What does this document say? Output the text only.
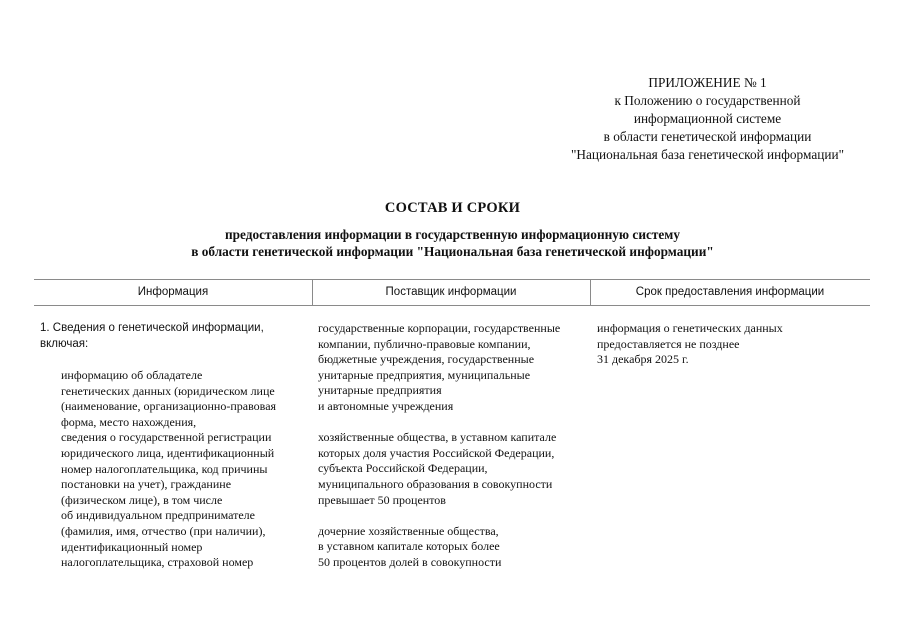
ПРИЛОЖЕНИЕ № 1
к Положению о государственной
информационной системе
в области генетической информации
"Национальная база генетической информации"
СОСТАВ И СРОКИ
предоставления информации в государственную информационную систему
в области генетической информации "Национальная база генетической информации"
Информация	Поставщик информации	Срок предоставления информации
1. Сведения о генетической информации,
включая:
информацию об обладателе
генетических данных (юридическом лице
(наименование, организационно-правовая
форма, место нахождения,
сведения о государственной регистрации
юридического лица, идентификационный
номер налогоплательщика, код причины
постановки на учет), гражданине
(физическом лице), в том числе
об индивидуальном предпринимателе
(фамилия, имя, отчество (при наличии),
идентификационный номер
налогоплательщика, страховой номер
государственные корпорации, государственные
компании, публично-правовые компании,
бюджетные учреждения, государственные
унитарные предприятия, муниципальные
унитарные предприятия
и автономные учреждения
хозяйственные общества, в уставном капитале
которых доля участия Российской Федерации,
субъекта Российской Федерации,
муниципального образования в совокупности
превышает 50 процентов
дочерние хозяйственные общества,
в уставном капитале которых более
50 процентов долей в совокупности
информация о генетических данных
предоставляется не позднее
31 декабря 2025 г.
